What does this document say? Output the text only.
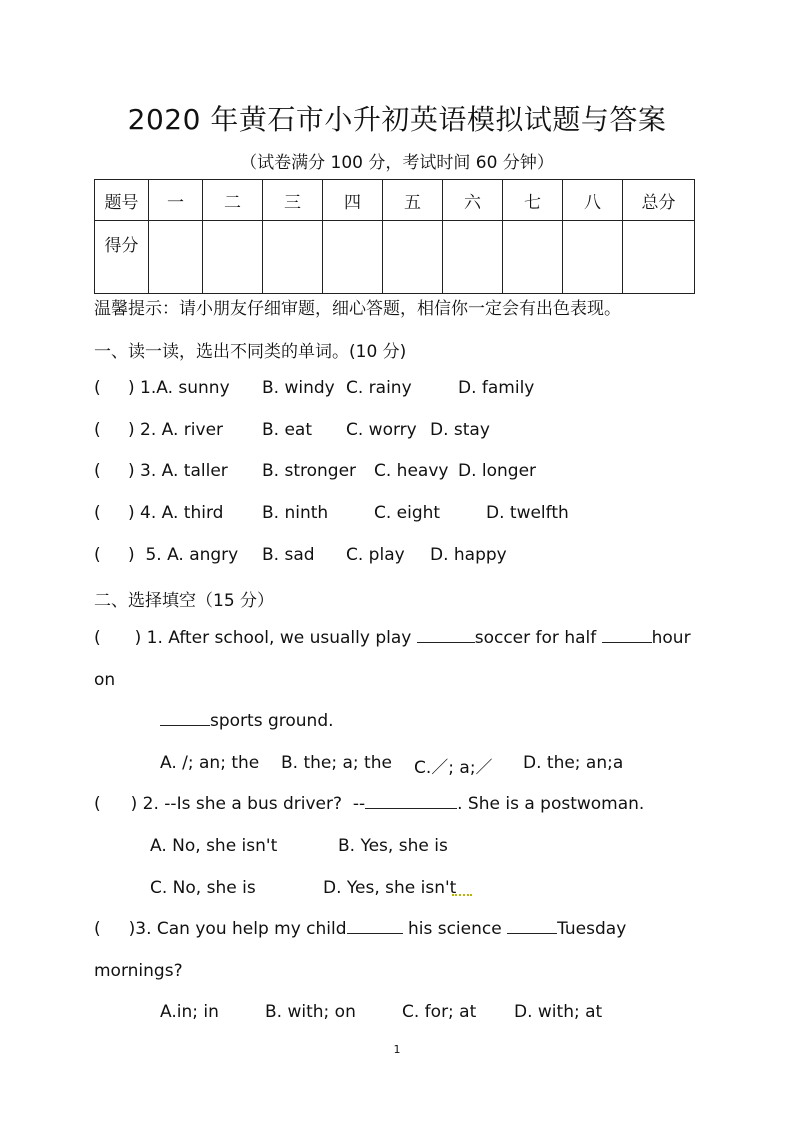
2020 年黄石市小升初英语模拟试题与答案
（试卷满分 100 分，考试时间 60 分钟）
题号	一	二	三	四	五	六	七	八	总分
得分									
温馨提示：请小朋友仔细审题，细心答题，相信你一定会有出色表现。
一、读一读，选出不同类的单词。(10 分)
( ) 1.A. sunny B. windy C. rainy	D. family
( ) 2. A. river B. eat C. worry D. stay
( ) 3. A. taller B. stronger C. heavy D. longer
( ) 4. A. third B. ninth	C. eight	D. twelfth
( )  5. A. angry B. sad C. play D. happy
二、选择填空（15 分）
( ) 1. After school, we usually play	soccer for half	hour
on
sports ground.
A. /; an; the B. the; a; the C.／; a;／ D. the; an;a
( ) 2. --Is she a bus driver?  --	. She is a postwoman.
A. No, she isn't	B. Yes, she is
C. No, she is	D. Yes, she isn't
( )3. Can you help my child	his science	Tuesday
mornings?
A.in; in	B. with; on	C. for; at D. with; at
1
